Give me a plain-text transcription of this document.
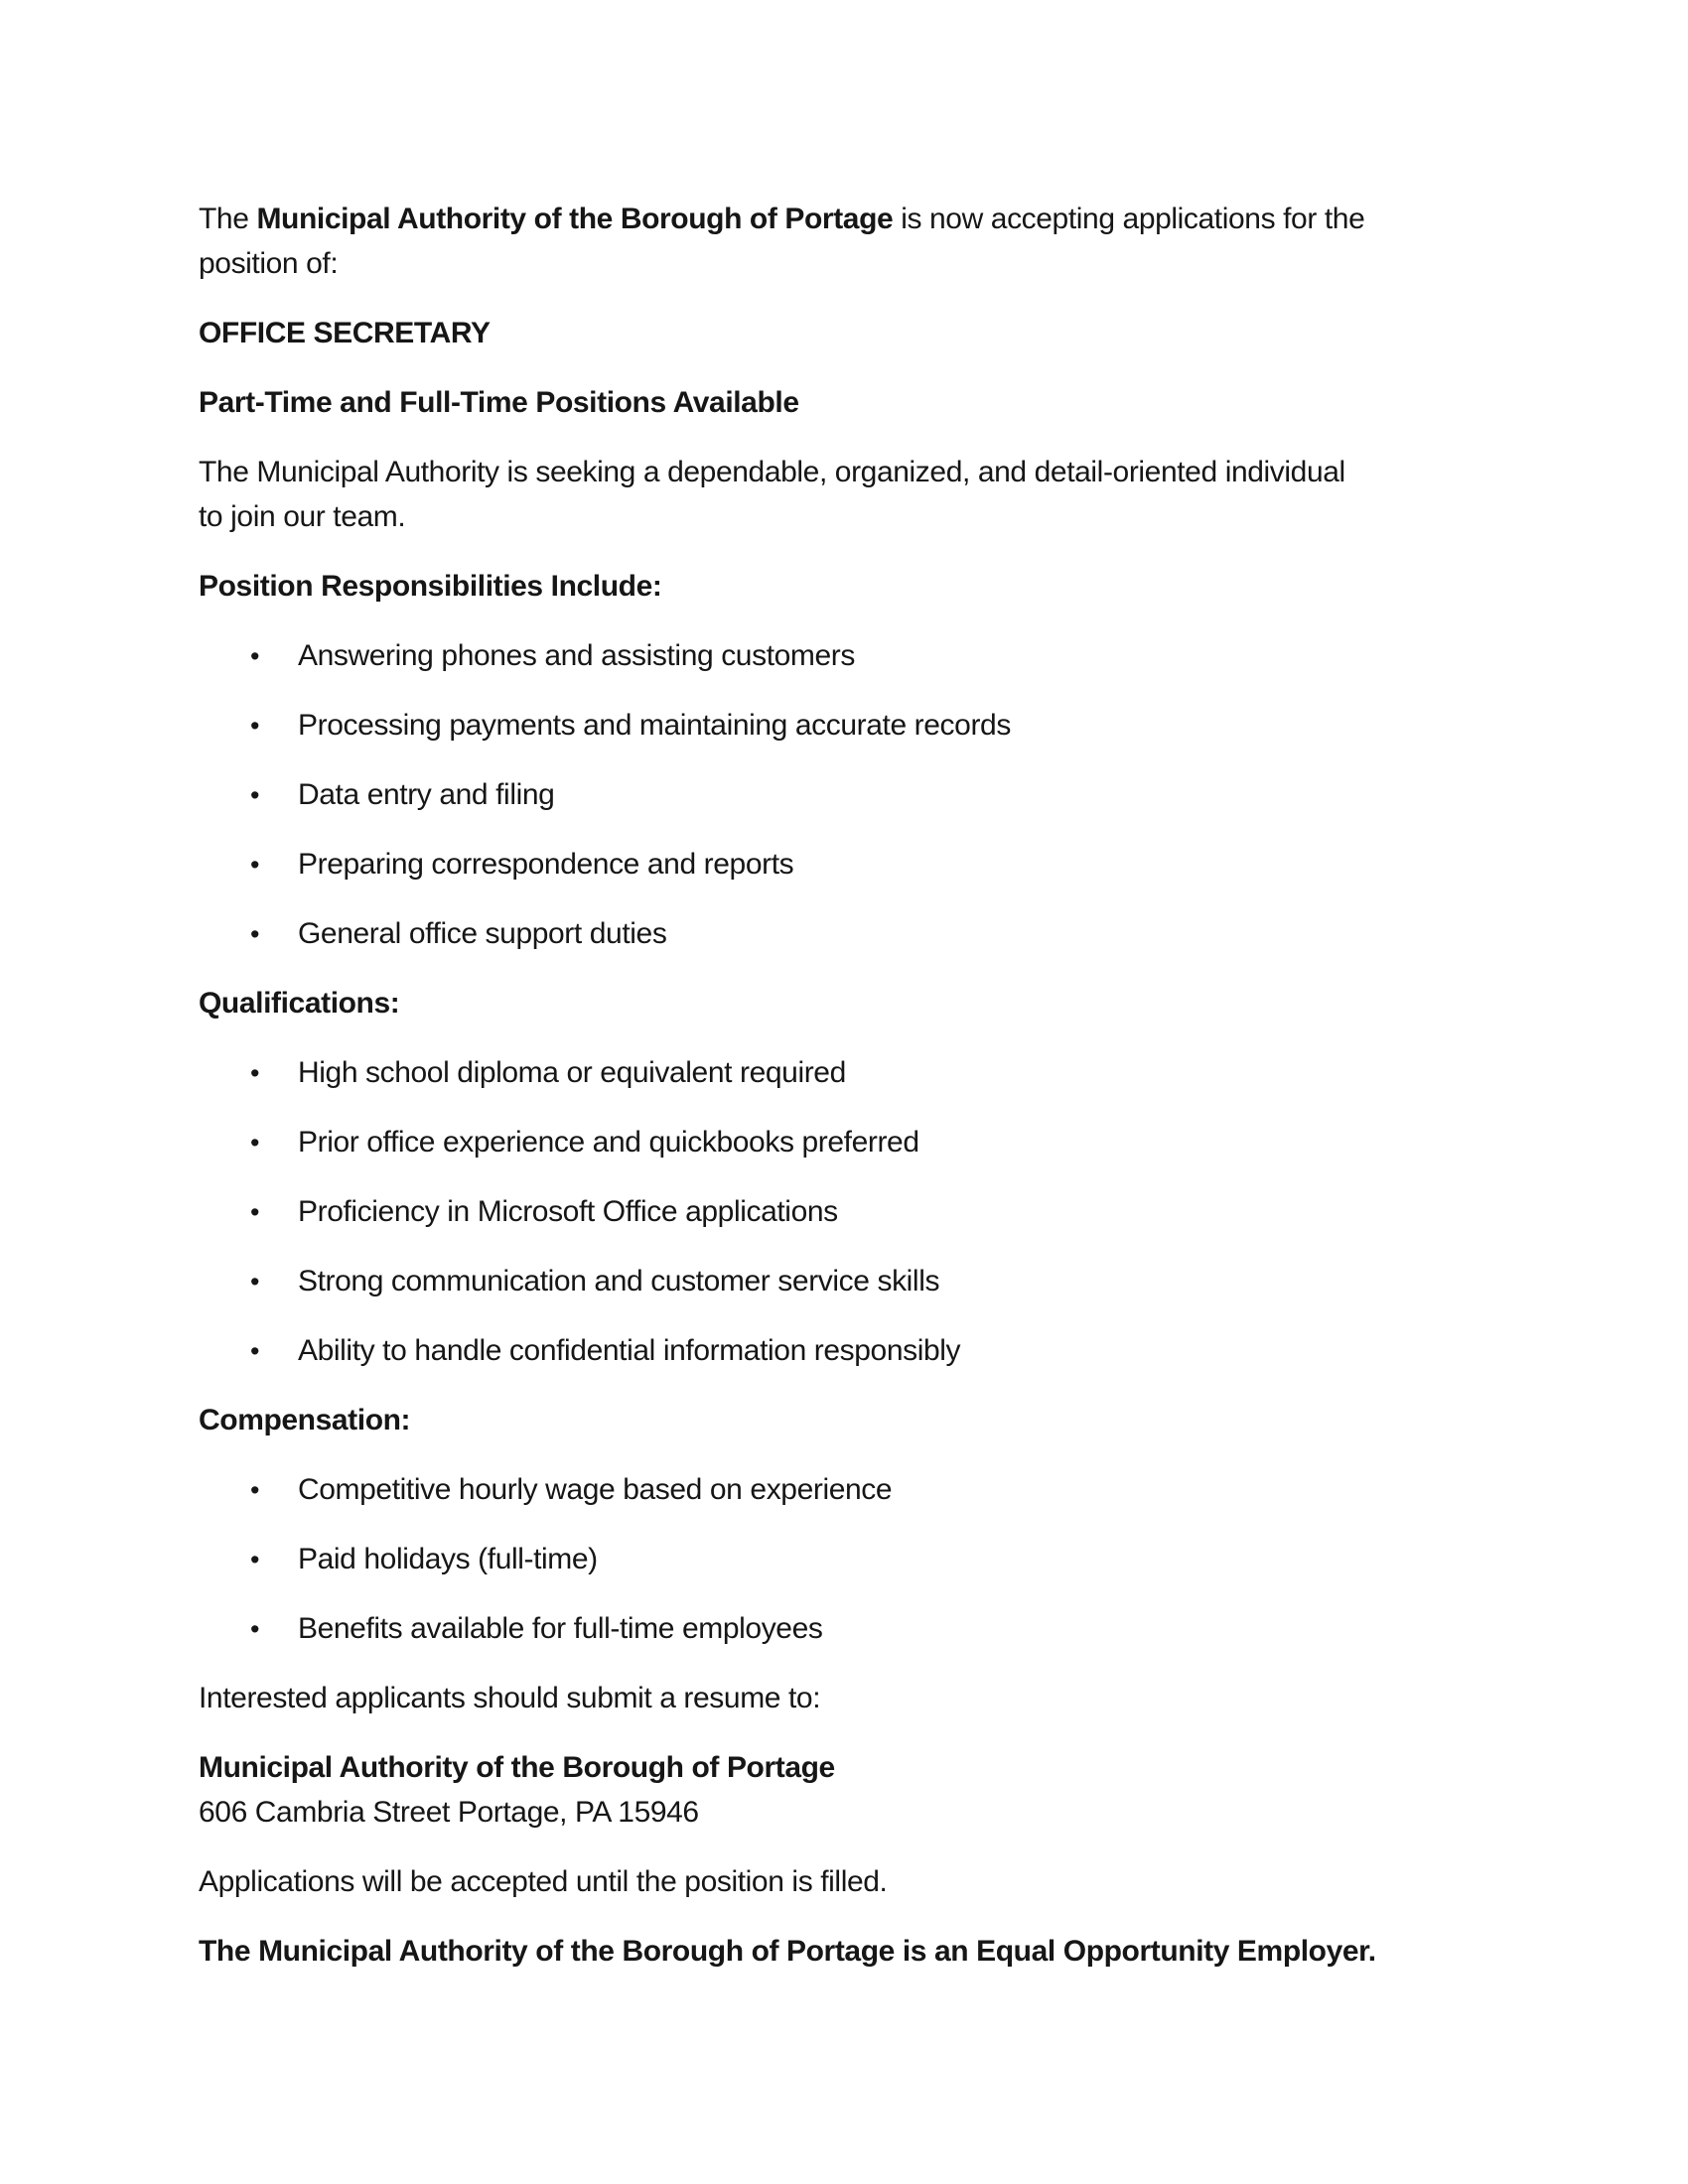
The Municipal Authority of the Borough of Portage is now accepting applications for the
position of:
OFFICE SECRETARY
Part-Time and Full-Time Positions Available
The Municipal Authority is seeking a dependable, organized, and detail-oriented individual
to join our team.
Position Responsibilities Include:
• Answering phones and assisting customers
• Processing payments and maintaining accurate records
• Data entry and filing
• Preparing correspondence and reports
• General office support duties
Qualifications:
• High school diploma or equivalent required
• Prior office experience and quickbooks preferred
• Proficiency in Microsoft Office applications
• Strong communication and customer service skills
• Ability to handle confidential information responsibly
Compensation:
• Competitive hourly wage based on experience
• Paid holidays (full-time)
• Benefits available for full-time employees
Interested applicants should submit a resume to:
Municipal Authority of the Borough of Portage
606 Cambria Street Portage, PA 15946
Applications will be accepted until the position is filled.
The Municipal Authority of the Borough of Portage is an Equal Opportunity Employer.
